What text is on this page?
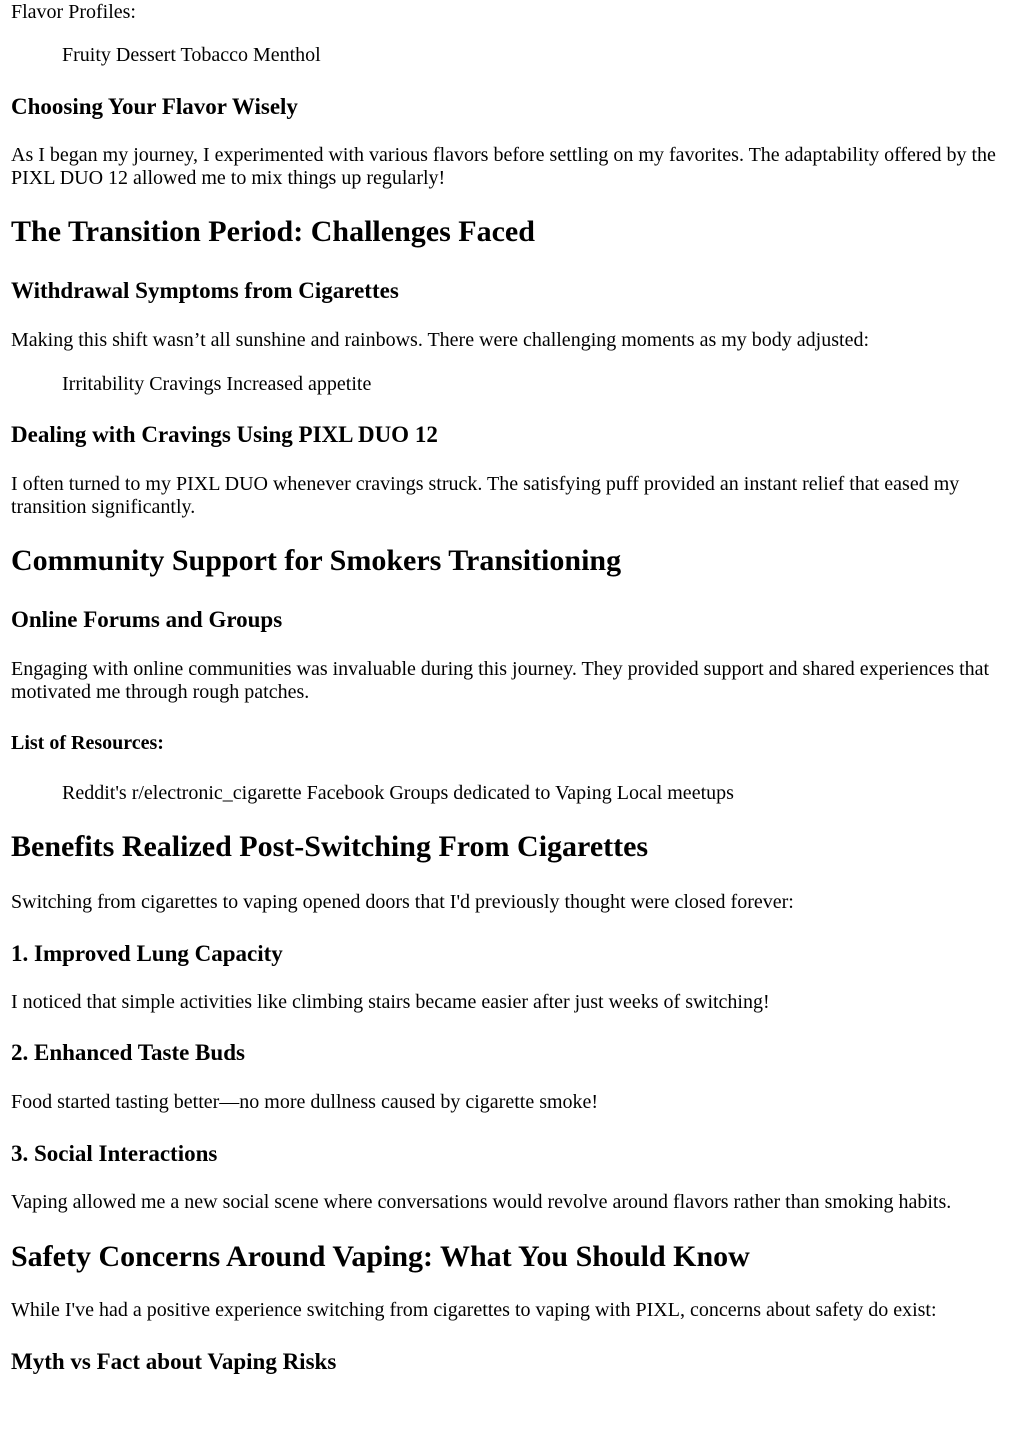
Flavor Profiles:

Fruity Dessert Tobacco Menthol

Choosing Your Flavor Wisely

As I began my journey, I experimented with various flavors before settling on my favorites. The adaptability offered by the PIXL DUO 12 allowed me to mix things up regularly!

The Transition Period: Challenges Faced
Withdrawal Symptoms from Cigarettes

Making this shift wasn’t all sunshine and rainbows. There were challenging moments as my body adjusted:

Irritability Cravings Increased appetite

Dealing with Cravings Using PIXL DUO 12

I often turned to my PIXL DUO whenever cravings struck. The satisfying puff provided an instant relief that eased my transition significantly.

Community Support for Smokers Transitioning
Online Forums and Groups

Engaging with online communities was invaluable during this journey. They provided support and shared experiences that motivated me through rough patches.

List of Resources:

Reddit's r/electronic_cigarette Facebook Groups dedicated to Vaping Local meetups

Benefits Realized Post-Switching From Cigarettes

Switching from cigarettes to vaping opened doors that I'd previously thought were closed forever:

1. Improved Lung Capacity

I noticed that simple activities like climbing stairs became easier after just weeks of switching!

2. Enhanced Taste Buds

Food started tasting better—no more dullness caused by cigarette smoke!

3. Social Interactions

Vaping allowed me a new social scene where conversations would revolve around flavors rather than smoking habits.

Safety Concerns Around Vaping: What You Should Know

While I've had a positive experience switching from cigarettes to vaping with PIXL, concerns about safety do exist:

Myth vs Fact about Vaping Risks
